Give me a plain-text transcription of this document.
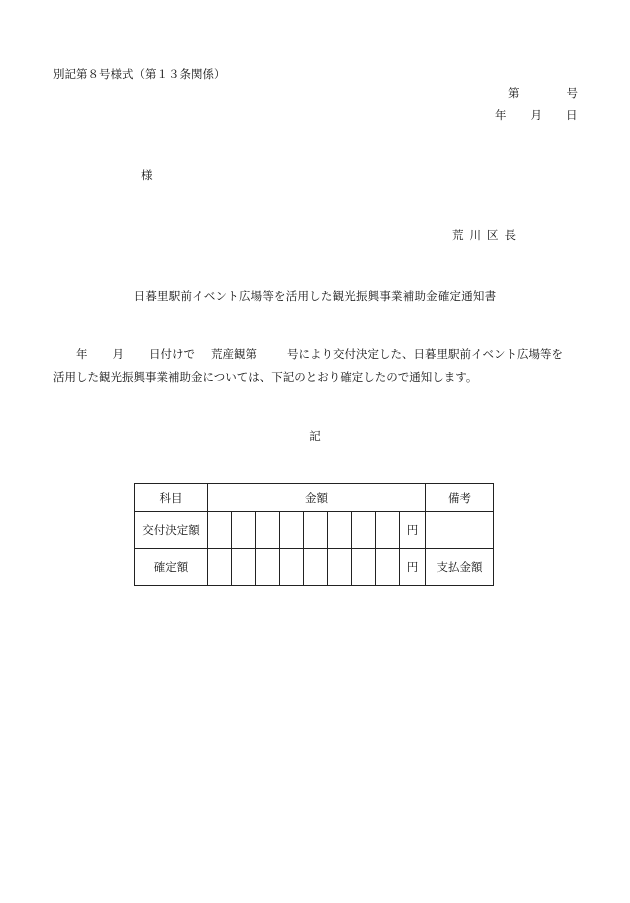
別記第８号様式（第１３条関係）
第	号
年 月 日
様
荒川区長
日暮里駅前イベント広場等を活用した観光振興事業補助金確定通知書
年 月 日付けで 荒産観第	号により交付決定した、日暮里駅前イベント広場等を
活用した観光振興事業補助金については、下記のとおり確定したので通知します。
記
科目	金額									備考
交付決定額									円	
確定額									円	支払金額
